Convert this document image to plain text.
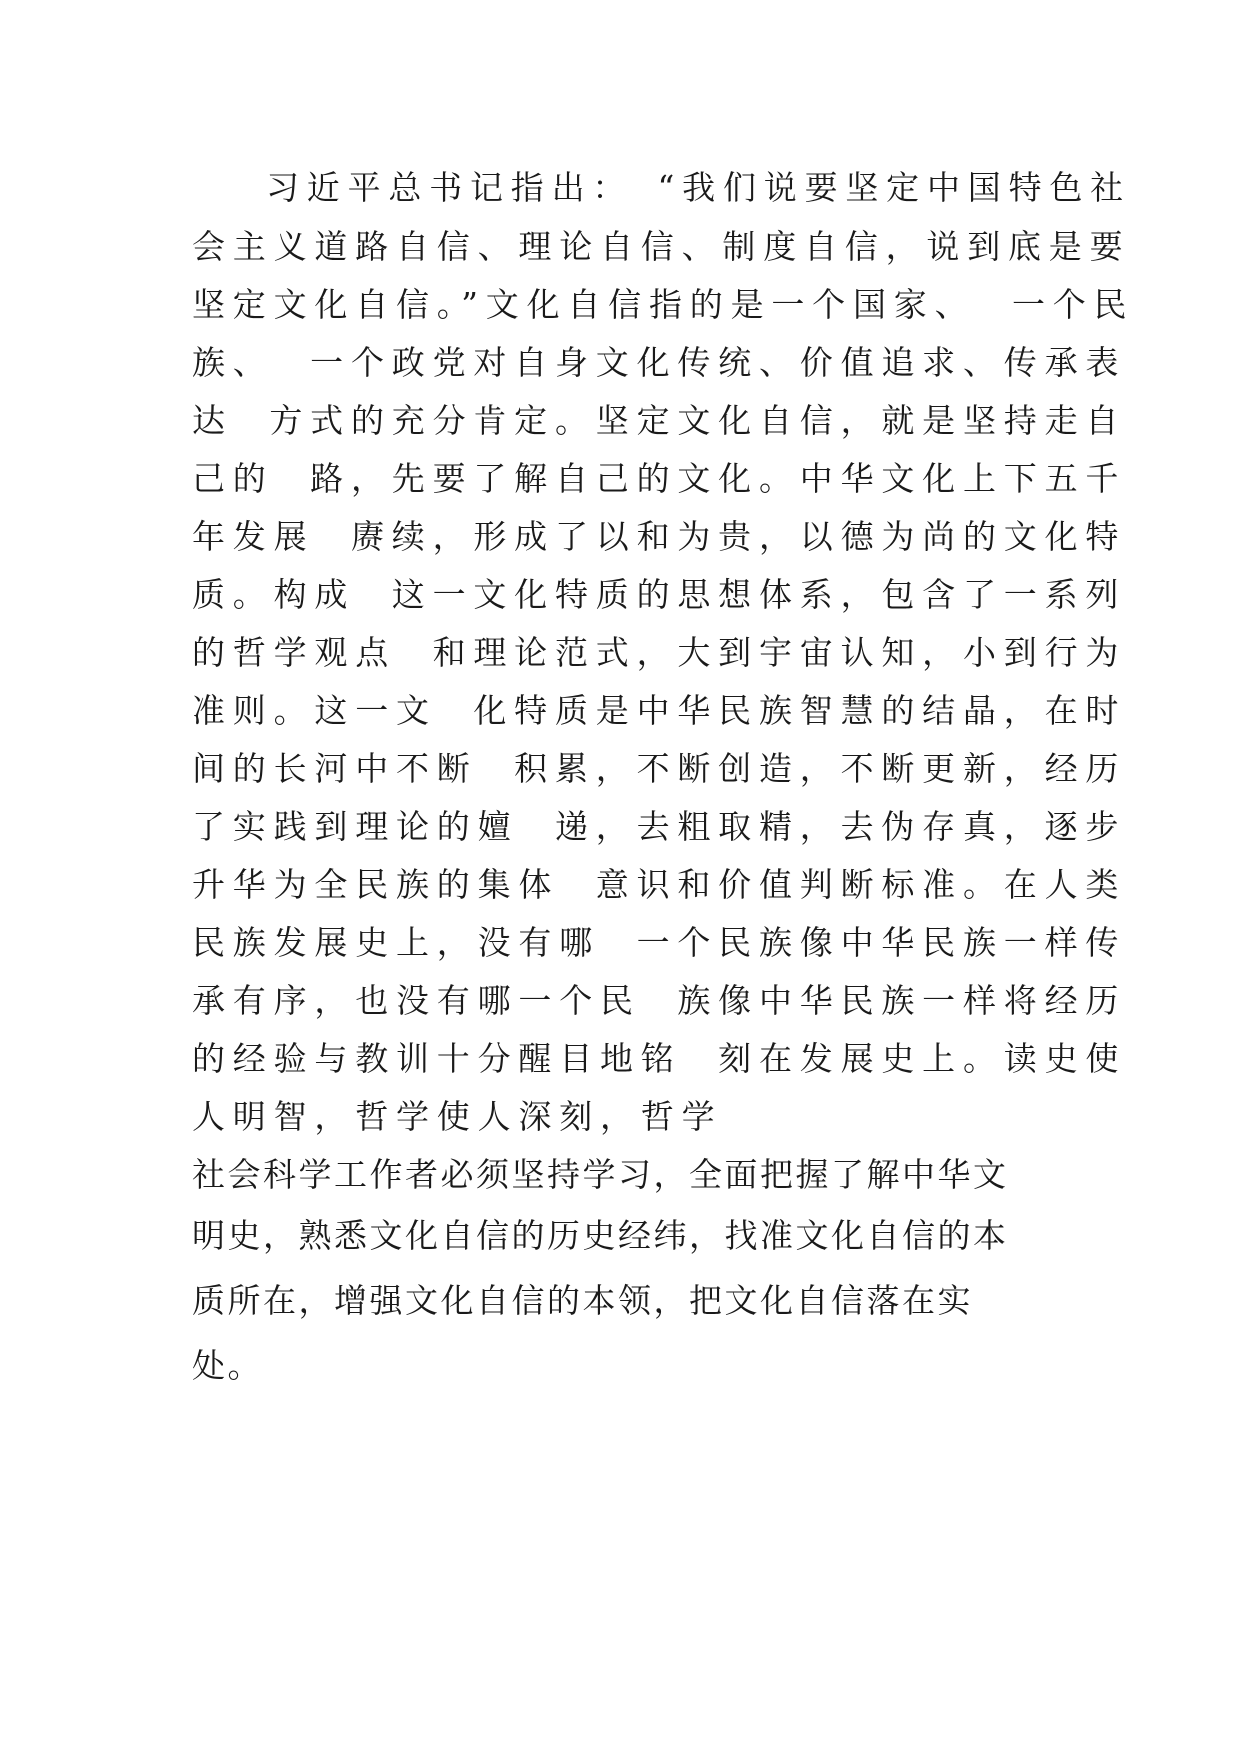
习近平总书记指出：　“我们说要坚定中国特色社

会主义道路自信、理论自信、制度自信，说到底是要

坚定文化自信。”文化自信指的是一个国家、  一个民

族、  一个政党对自身文化传统、价值追求、传承表

达  方式的充分肯定。坚定文化自信，就是坚持走自

己的  路，先要了解自己的文化。中华文化上下五千

年发展  赓续，形成了以和为贵，以德为尚的文化特

质。构成  这一文化特质的思想体系，包含了一系列

的哲学观点  和理论范式，大到宇宙认知，小到行为

准则。这一文  化特质是中华民族智慧的结晶，在时

间的长河中不断  积累，不断创造，不断更新，经历

了实践到理论的嬗  递，去粗取精，去伪存真，逐步

升华为全民族的集体  意识和价值判断标准。在人类

民族发展史上，没有哪  一个民族像中华民族一样传

承有序，也没有哪一个民  族像中华民族一样将经历

的经验与教训十分醒目地铭  刻在发展史上。读史使

人明智，哲学使人深刻，哲学

社会科学工作者必须坚持学习，全面把握了解中华文

明史，熟悉文化自信的历史经纬，找准文化自信的本

质所在，增强文化自信的本领，把文化自信落在实

处。
